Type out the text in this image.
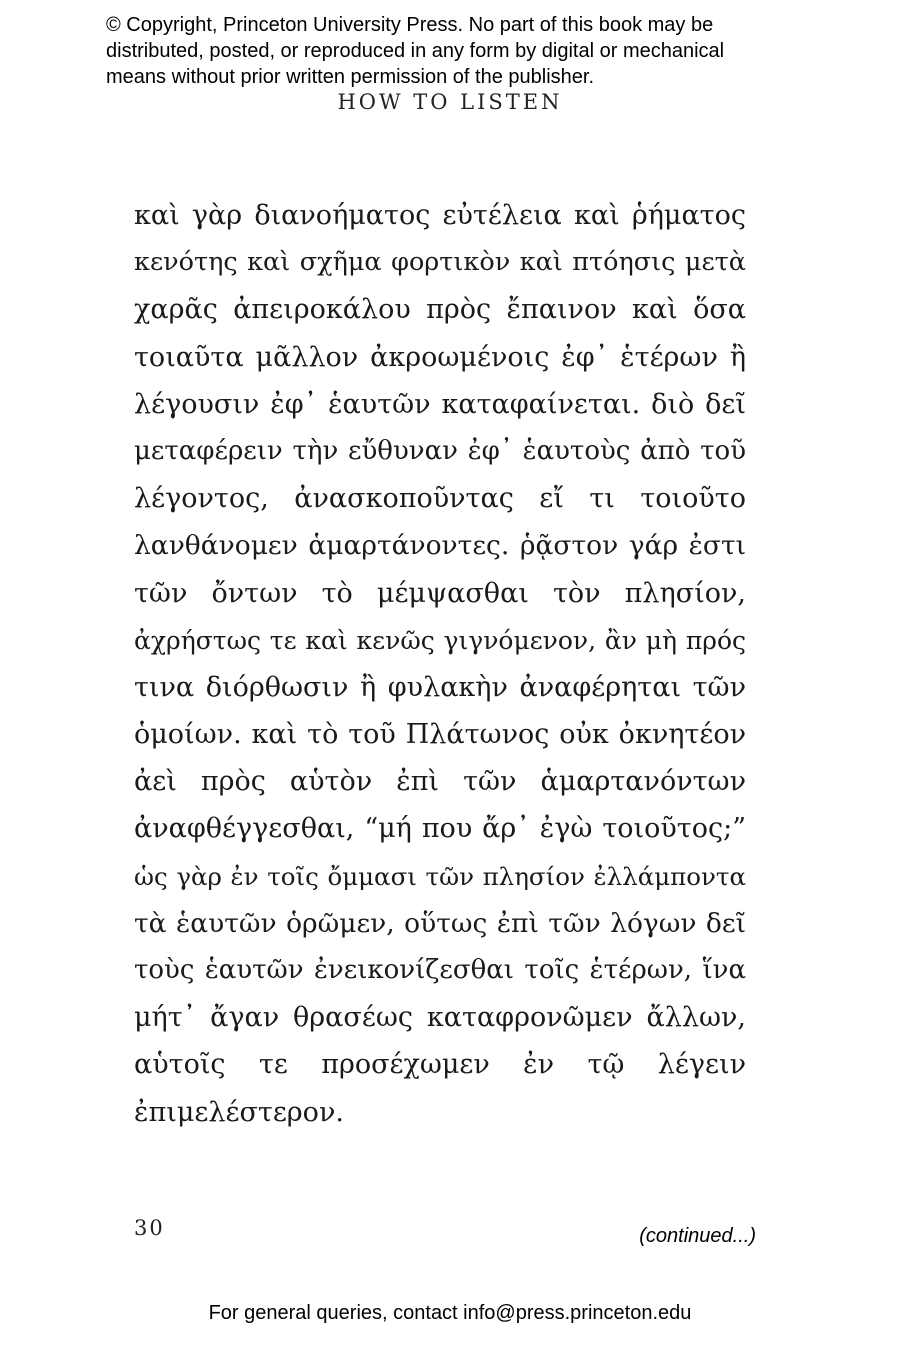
© Copyright, Princeton University Press. No part of this book may be
distributed, posted, or reproduced in any form by digital or mechanical
means without prior written permission of the publisher.
HOW TO LISTEN
καὶ γὰρ διανοήματος εὐτέλεια καὶ ῥήματος
κενότης καὶ σχῆμα φορτικὸν καὶ πτόησις μετὰ
χαρᾶς ἀπειροκάλου πρὸς ἔπαινον καὶ ὅσα
τοιαῦτα μᾶλλον ἀκροωμένοις ἐφ᾽ ἑτέρων ἢ
λέγουσιν ἐφ᾽ ἑαυτῶν καταφαίνεται. διὸ δεῖ
μεταφέρειν τὴν εὔθυναν ἐφ᾽ ἑαυτοὺς ἀπὸ τοῦ
λέγοντος, ἀνασκοποῦντας εἴ τι τοιοῦτο
λανθάνομεν ἁμαρτάνοντες. ῥᾷστον γάρ ἐστι
τῶν ὄντων τὸ μέμψασθαι τὸν πλησίον,
ἀχρήστως τε καὶ κενῶς γιγνόμενον, ἂν μὴ πρός
τινα διόρθωσιν ἢ φυλακὴν ἀναφέρηται τῶν
ὁμοίων. καὶ τὸ τοῦ Πλάτωνος οὐκ ὀκνητέον
ἀεὶ πρὸς αὑτὸν ἐπὶ τῶν ἁμαρτανόντων
ἀναφθέγγεσθαι, “μή που ἄρ᾽ ἐγὼ τοιοῦτος;”
ὡς γὰρ ἐν τοῖς ὄμμασι τῶν πλησίον ἐλλάμποντα
τὰ ἑαυτῶν ὁρῶμεν, οὕτως ἐπὶ τῶν λόγων δεῖ
τοὺς ἑαυτῶν ἐνεικονίζεσθαι τοῖς ἑτέρων, ἵνα
μήτ᾽ ἄγαν θρασέως καταφρονῶμεν ἄλλων,
αὑτοῖς τε προσέχωμεν ἐν τῷ λέγειν
ἐπιμελέστερον.
30	(continued...)
For general queries, contact info@press.princeton.edu
